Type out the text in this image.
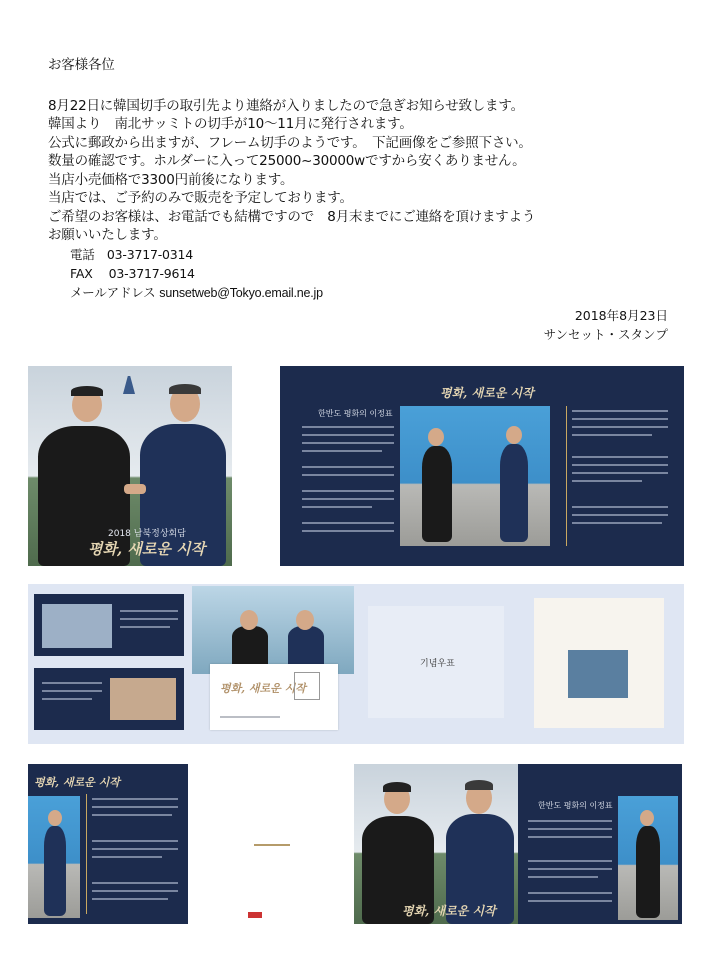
お客様各位
8月22日に韓国切手の取引先より連絡が入りましたので急ぎお知らせ致します。
韓国より　南北サッミトの切手が10～11月に発行されます。
公式に郵政から出ますが、フレーム切手のようです。　下記画像をご参照下さい。
数量の確認です。ホルダーに入って25000~30000wですから安くありません。
当店小売価格で3300円前後になります。
当店では、ご予約のみで販売を予定しております。
ご希望のお客様は、お電話でも結構ですので　8月末までにご連絡を頂けますよう
お願いいたします。
電話　03-3717-0314
FAX　 03-3717-9614
メールアドレス sunsetweb@Tokyo.email.ne.jp
2018年8月23日
サンセット・スタンプ
2018 남북정상회담
평화, 새로운 시작
평화, 새로운 시작
한반도 평화의 이정표
평화, 새로운 시작
기념우표
평화, 새로운 시작
평화, 새로운 시작
한반도 평화의 이정표
